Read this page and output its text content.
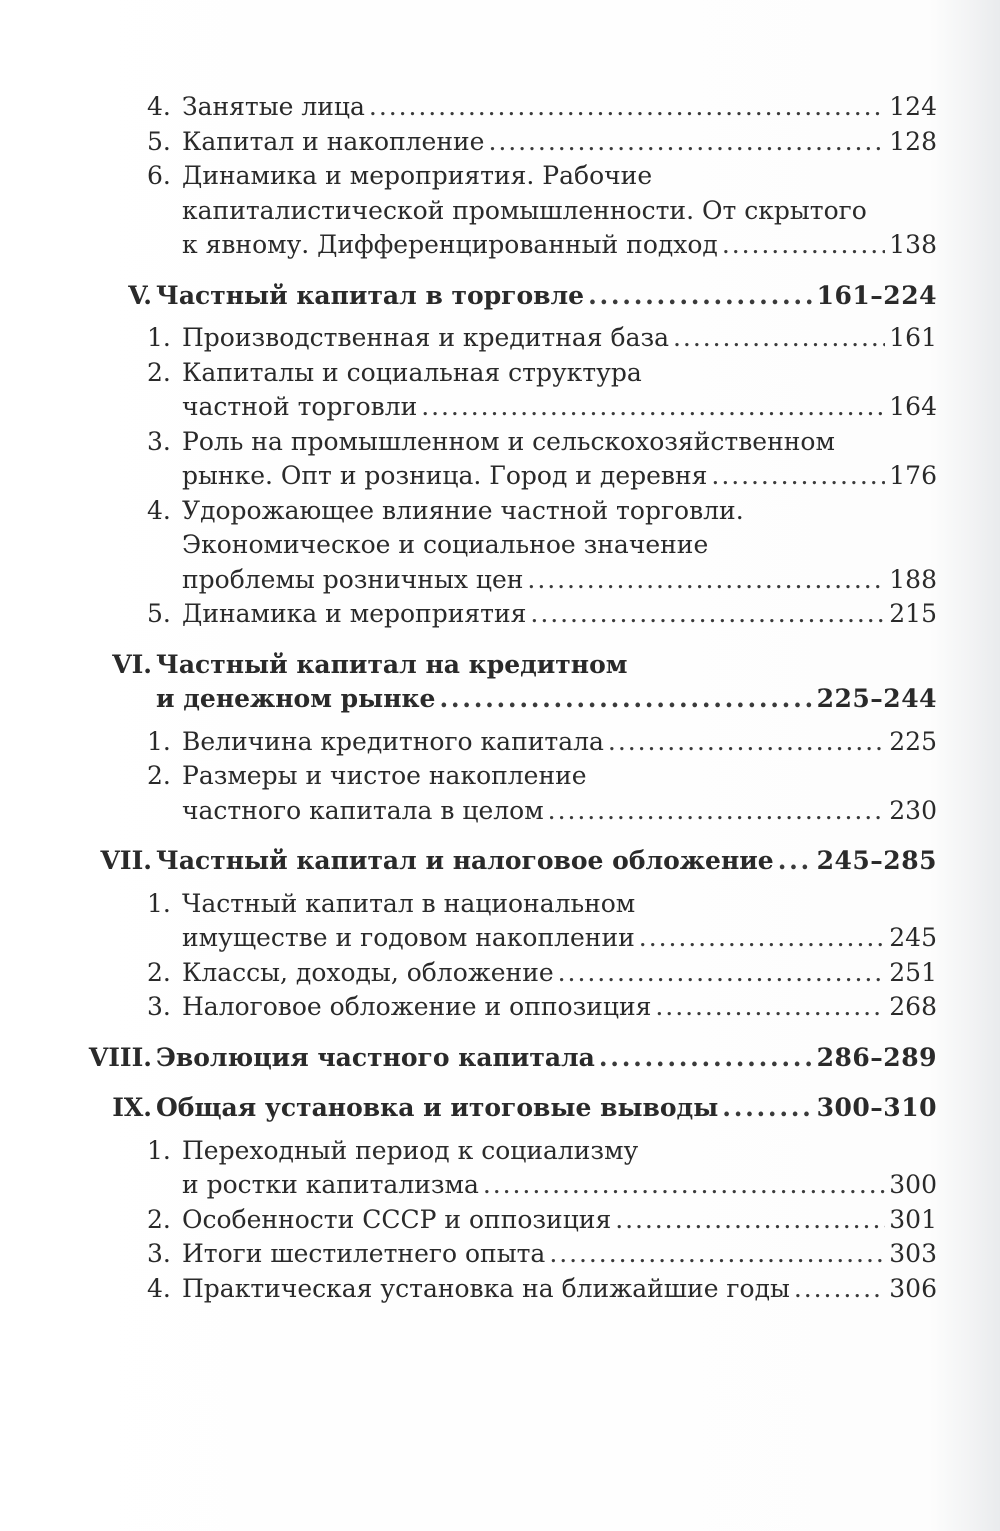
4. Занятые лица . . .	124
5. Капитал и накопление . . .	128
6. Динамика и мероприятия. Рабочие
капиталистической промышленности. От скрытого
к явному. Дифференцированный подход . . .	138
V. Частный капитал в торговле . . .	161–224
1. Производственная и кредитная база . . .	161
2. Капиталы и социальная структура
частной торговли . . .	164
3. Роль на промышленном и сельскохозяйственном
рынке. Опт и розница. Город и деревня . . .	176
4. Удорожающее влияние частной торговли.
Экономическое и социальное значение
проблемы розничных цен . . .	188
5. Динамика и мероприятия . . .	215
VI. Частный капитал на кредитном
и денежном рынке . . .	225–244
1. Величина кредитного капитала . . .	225
2. Размеры и чистое накопление
частного капитала в целом . . .	230
VII. Частный капитал и налоговое обложение . . . 245–285
1. Частный капитал в национальном
имуществе и годовом накоплении . . .	245
2. Классы, доходы, обложение . . .	251
3. Налоговое обложение и оппозиция . . .	268
VIII. Эволюция частного капитала . . .	286–289
IX. Общая установка и итоговые выводы . . .	300–310
1. Переходный период к социализму
и ростки капитализма . . .	300
2. Особенности СССР и оппозиция . . .	301
3. Итоги шестилетнего опыта . . .	303
4. Практическая установка на ближайшие годы . . .	306
